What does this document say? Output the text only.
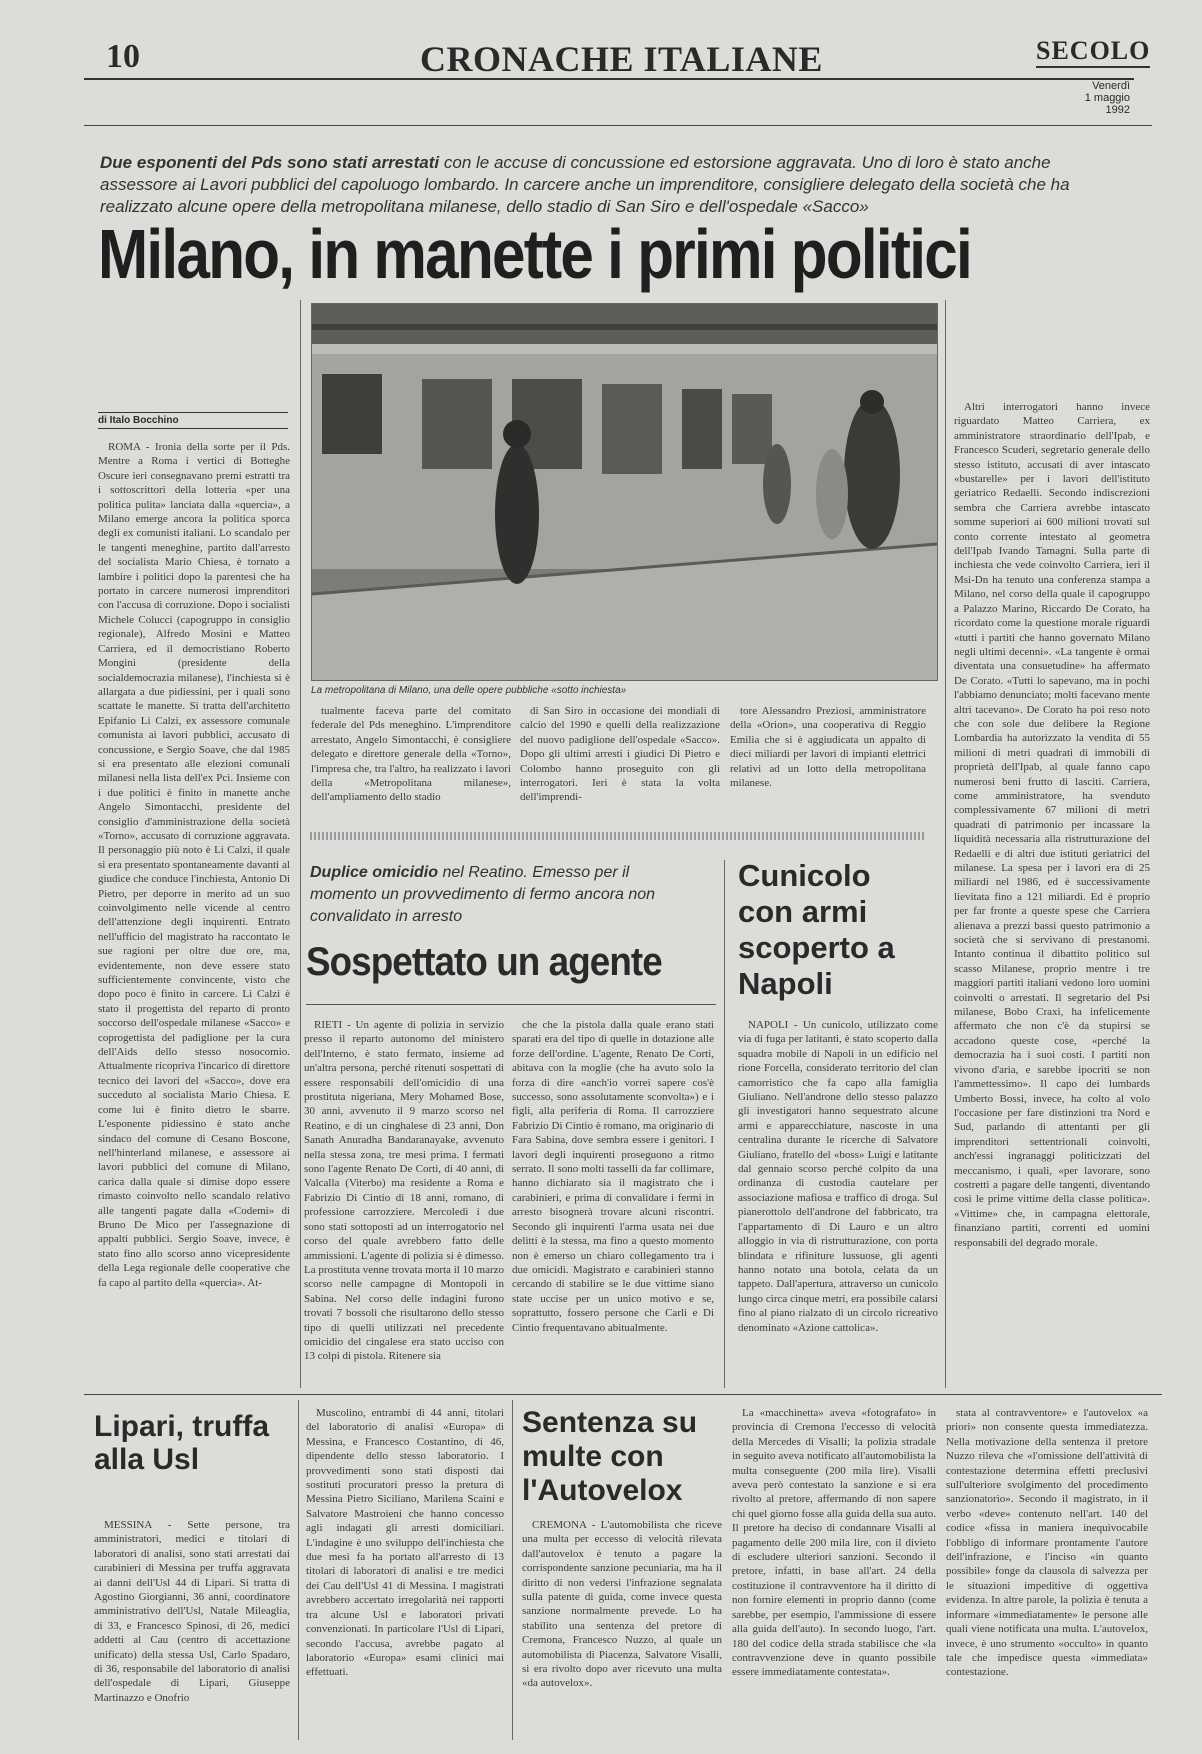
10	CRONACHE ITALIANE	SECOLO
Venerdì
1 maggio 1992
Due esponenti del Pds sono stati arrestati con le accuse di concussione ed estorsione aggravata. Uno di loro è stato anche assessore ai Lavori pubblici del capoluogo lombardo. In carcere anche un imprenditore, consigliere delegato della società che ha realizzato alcune opere della metropolitana milanese, dello stadio di San Siro e dell'ospedale «Sacco»
Milano, in manette i primi politici
di Italo Bocchino
La metropolitana di Milano, una delle opere pubbliche «sotto inchiesta»

ROMA - Ironia della sorte per il Pds. Mentre a Roma i vertici di Botteghe Oscure ieri consegnavano premi estratti tra i sottoscrittori della lotteria «per una politica pulita» lanciata dalla «quercia», a Milano emerge ancora la politica sporca degli ex comunisti italiani. Lo scandalo per le tangenti meneghine, partito dall'arresto del socialista Mario Chiesa, è tornato a lambire i politici dopo la parentesi che ha portato in carcere numerosi imprenditori con l'accusa di corruzione. Dopo i socialisti Michele Colucci (capogruppo in consiglio regionale), Alfredo Mosini e Matteo Carriera, ed il democristiano Roberto Mongini (presidente della socialdemocrazia milanese), l'inchiesta si è allargata a due pidiessini, per i quali sono scattate le manette. Si tratta dell'architetto Epifanio Li Calzi, ex assessore comunale comunista ai lavori pubblici, accusato di concussione, e Sergio Soave, che dal 1985 si era presentato alle elezioni comunali milanesi nella lista dell'ex Pci. Insieme con i due politici è finito in manette anche Angelo Simontacchi, presidente del consiglio d'amministrazione della società «Torno», accusato di corruzione aggravata. Il personaggio più noto è Li Calzi, il quale si era presentato spontaneamente davanti al giudice che conduce l'inchiesta, Antonio Di Pietro, per deporre in merito ad un suo coinvolgimento nelle vicende al centro dell'attenzione degli inquirenti. Entrato nell'ufficio del magistrato ha raccontato le sue ragioni per oltre due ore, ma, evidentemente, non deve essere stato sufficientemente convincente, visto che dopo poco è finito in carcere. Li Calzi è stato il progettista del reparto di pronto soccorso dell'ospedale milanese «Sacco» e coprogettista del padiglione per la cura dell'Aids dello stesso nosocomio. Attualmente ricopriva l'incarico di direttore tecnico dei lavori del «Sacco», dove era succeduto al socialista Mario Chiesa. E come lui è finito dietro le sbarre. L'esponente pidiessino è stato anche sindaco del comune di Cesano Boscone, nell'hinterland milanese, e assessore ai lavori pubblici del comune di Milano, carica dalla quale si dimise dopo essere rimasto coinvolto nello scandalo relativo alle tangenti pagate dalla «Codemi» di Bruno De Mico per l'assegnazione di appalti pubblici. Sergio Soave, invece, è stato fino allo scorso anno vicepresidente della Lega regionale delle cooperative che fa capo al partito della «quercia». At-

tualmente faceva parte del comitato federale del Pds meneghino. L'imprenditore arrestato, Angelo Simontacchi, è consigliere delegato e direttore generale della «Torno», l'impresa che, tra l'altro, ha realizzato i lavori della «Metropolitana milanese», dell'ampliamento dello stadio

di San Siro in occasione dei mondiali di calcio del 1990 e quelli della realizzazione del nuovo padiglione dell'ospedale «Sacco». Dopo gli ultimi arresti i giudici Di Pietro e Colombo hanno proseguito con gli interrogatori. Ieri è stata la volta dell'imprendi-

tore Alessandro Preziosi, amministratore della «Orion», una cooperativa di Reggio Emilia che si è aggiudicata un appalto di dieci miliardi per lavori di impianti elettrici relativi ad un lotto della metropolitana milanese.

Altri interrogatori hanno invece riguardato Matteo Carriera, ex amministratore straordinario dell'Ipab, e Francesco Scuderi, segretario generale dello stesso istituto, accusati di aver intascato «bustarelle» per i lavori dell'istituto geriatrico Redaelli. Secondo indiscrezioni sembra che Carriera avrebbe intascato somme superiori ai 600 milioni trovati sul conto corrente intestato al geometra dell'Ipab Ivando Tamagni. Sulla parte di inchiesta che vede coinvolto Carriera, ieri il Msi-Dn ha tenuto una conferenza stampa a Milano, nel corso della quale il capogruppo a Palazzo Marino, Riccardo De Corato, ha ricordato come la questione morale riguardi «tutti i partiti che hanno governato Milano negli ultimi decenni». «La tangente è ormai diventata una consuetudine» ha affermato De Corato. «Tutti lo sapevano, ma in pochi l'abbiamo denunciato; molti facevano mente altri tacevano». De Corato ha poi reso noto che con sole due delibere la Regione Lombardia ha autorizzato la vendita di 55 milioni di metri quadrati di immobili di proprietà dell'Ipab, al quale fanno capo numerosi beni frutto di lasciti. Carriera, come amministratore, ha svenduto complessivamente 67 milioni di metri quadrati di patrimonio per incassare la liquidità necessaria alla ristrutturazione del Redaelli e di altri due istituti geriatrici del milanese. La spesa per i lavori era di 25 miliardi nel 1986, ed è successivamente lievitata fino a 121 miliardi. Ed è proprio per far fronte a queste spese che Carriera alienava a prezzi bassi questo patrimonio a società che si servivano di prestanomi. Intanto continua il dibattito politico sul scasso Milanese, proprio mentre i tre maggiori partiti italiani vedono loro uomini coinvolti o arrestati. Il segretario del Psi milanese, Bobo Craxi, ha infelicemente affermato che non c'è da stupirsi se accadono queste cose, «perché la democrazia ha i suoi costi. I partiti non vivono d'aria, e sarebbe ipocriti se non l'ammettessimo». Il capo dei lumbards Umberto Bossi, invece, ha colto al volo l'occasione per fare distinzioni tra Nord e Sud, parlando di attentanti per gli imprenditori settentrionali coinvolti, anch'essi ingranaggi politicizzati del meccanismo, i quali, «per lavorare, sono costretti a pagare delle tangenti, diventando così le prime vittime della classe politica». «Vittime» che, in campagna elettorale, finanziano partiti, correnti ed uomini responsabili del degrado morale.

Duplice omicidio nel Reatino. Emesso per il momento un provvedimento di fermo ancora non convalidato in arresto
Sospettato un agente

RIETI - Un agente di polizia in servizio presso il reparto autonomo del ministero dell'Interno, è stato fermato, insieme ad un'altra persona, perché ritenuti sospettati di essere responsabili dell'omicidio di una prostituta nigeriana, Mery Mohamed Bose, 30 anni, avvenuto il 9 marzo scorso nel Reatino, e di un cinghalese di 23 anni, Don Sanath Anuradha Bandaranayake, avvenuto nella stessa zona, tre mesi prima. I fermati sono l'agente Renato De Corti, di 40 anni, di Valcalla (Viterbo) ma residente a Roma e Fabrizio Di Cintio di 18 anni, romano, di professione carrozziere. Mercoledì i due sono stati sottoposti ad un interrogatorio nel corso del quale avrebbero fatto delle ammissioni. L'agente di polizia si è dimesso. La prostituta venne trovata morta il 10 marzo scorso nelle campagne di Montopoli in Sabina. Nel corso delle indagini furono trovati 7 bossoli che risultarono dello stesso tipo di quelli utilizzati nel precedente omicidio del cingalese era stato ucciso con 13 colpi di pistola. Ritenere sia

che che la pistola dalla quale erano stati sparati era del tipo di quelle in dotazione alle forze dell'ordine. L'agente, Renato De Corti, abitava con la moglie (che ha avuto solo la forza di dire «anch'io vorrei sapere cos'è successo, sono assolutamente sconvolta») e i figli, alla periferia di Roma. Il carrozziere Fabrizio Di Cintio è romano, ma originario di Fara Sabina, dove sembra essere i genitori. I lavori degli inquirenti proseguono a ritmo serrato. Il sono molti tasselli da far collimare, hanno dichiarato sia il magistrato che i carabinieri, e prima di convalidare i fermi in arresto bisognerà trovare alcuni riscontri. Secondo gli inquirenti l'arma usata nei due delitti è la stessa, ma fino a questo momento non è emerso un chiaro collegamento tra i due omicidi. Magistrato e carabinieri stanno cercando di stabilire se le due vittime siano state uccise per un unico motivo e se, soprattutto, fossero persone che Carli e Di Cintio frequentavano abitualmente.

Cunicolo con armi scoperto a Napoli

NAPOLI - Un cunicolo, utilizzato come via di fuga per latitanti, è stato scoperto dalla squadra mobile di Napoli in un edificio nel rione Forcella, considerato territorio del clan camorristico che fa capo alla famiglia Giuliano. Nell'androne dello stesso palazzo gli investigatori hanno sequestrato alcune armi e apparecchiature, nascoste in una centralina durante le ricerche di Salvatore Giuliano, fratello del «boss» Luigi e latitante dal gennaio scorso perché colpito da una ordinanza di custodia cautelare per associazione mafiosa e traffico di droga. Sul pianerottolo dell'androne del fabbricato, tra l'appartamento di Di Lauro e un altro alloggio in via di ristrutturazione, con porta blindata e rifiniture lussuose, gli agenti hanno notato una botola, celata da un tappeto. Dall'apertura, attraverso un cunicolo lungo circa cinque metri, era possibile calarsi fino al piano rialzato di un circolo ricreativo denominato «Azione cattolica».

Lipari, truffa alla Usl

MESSINA - Sette persone, tra amministratori, medici e titolari di laboratori di analisi, sono stati arrestati dai carabinieri di Messina per truffa aggravata ai danni dell'Usl 44 di Lipari. Si tratta di Agostino Giorgianni, 36 anni, coordinatore amministrativo dell'Usl, Natale Mileaglia, di 33, e Francesco Spinosi, di 26, medici addetti al Cau (centro di accettazione unificato) della stessa Usl, Carlo Spadaro, di 36, responsabile del laboratorio di analisi dell'ospedale di Lipari, Giuseppe Martinazzo e Onofrio

Muscolino, entrambi di 44 anni, titolari del laboratorio di analisi «Europa» di Messina, e Francesco Costantino, di 46, dipendente dello stesso laboratorio. I provvedimenti sono stati disposti dai sostituti procuratori presso la pretura di Messina Pietro Siciliano, Marilena Scaini e Salvatore Mastroieni che hanno concesso agli indagati gli arresti domiciliari. L'indagine è uno sviluppo dell'inchiesta che due mesi fa ha portato all'arresto di 13 titolari di laboratori di analisi e tre medici dei Cau dell'Usl 41 di Messina. I magistrati avrebbero accertato irregolarità nei rapporti tra alcune Usl e laboratori privati convenzionati. In particolare l'Usl di Lipari, secondo l'accusa, avrebbe pagato al laboratorio «Europa» esami clinici mai effettuati.

Sentenza su multe con l'Autovelox

CREMONA - L'automobilista che riceve una multa per eccesso di velocità rilevata dall'autovelox è tenuto a pagare la corrispondente sanzione pecuniaria, ma ha il diritto di non vedersi l'infrazione segnalata sulla patente di guida, come invece questa sanzione normalmente prevede. Lo ha stabilito una sentenza del pretore di Cremona, Francesco Nuzzo, al quale un automobilista di Piacenza, Salvatore Visalli, si era rivolto dopo aver ricevuto una multa «da autovelox».

La «macchinetta» aveva «fotografato» in provincia di Cremona l'eccesso di velocità della Mercedes di Visalli; la polizia stradale in seguito aveva notificato all'automobilista la multa conseguente (200 mila lire). Visalli aveva però contestato la sanzione e si era rivolto al pretore, affermando di non sapere chi quel giorno fosse alla guida della sua auto. Il pretore ha deciso di condannare Visalli al pagamento delle 200 mila lire, con il divieto di escludere ulteriori sanzioni. Secondo il pretore, infatti, in base all'art. 24 della costituzione il contravventore ha il diritto di non fornire elementi in proprio danno (come sarebbe, per esempio, l'ammissione di essere alla guida dell'auto). In secondo luogo, l'art. 180 del codice della strada stabilisce che «la contravvenzione deve in quanto possibile essere immediatamente contestata».

stata al contravventore» e l'autovelox «a priori» non consente questa immediatezza. Nella motivazione della sentenza il pretore Nuzzo rileva che «l'omissione dell'attività di contestazione determina effetti preclusivi sull'ulteriore svolgimento del procedimento sanzionatorio». Secondo il magistrato, in il verbo «deve» contenuto nell'art. 140 del codice «fissa in maniera inequivocabile l'obbligo di informare prontamente l'autore dell'infrazione, e l'inciso «in quanto possibile» fonge da clausola di salvezza per le situazioni impeditive di oggettiva evidenza. In altre parole, la polizia è tenuta a informare «immediatamente» le persone alle quali viene notificata una multa. L'autovelox, invece, è uno strumento «occulto» in quanto tale che impedisce questa «immediata» contestazione.
